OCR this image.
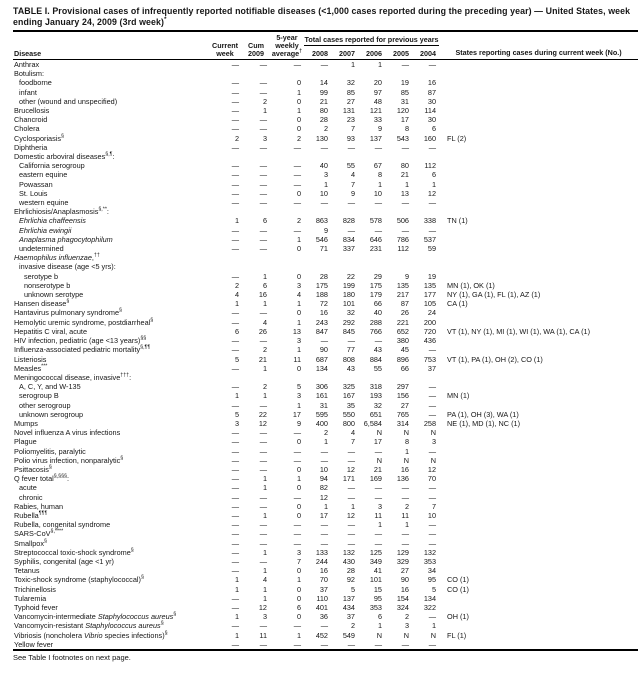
TABLE I. Provisional cases of infrequently reported notifiable diseases (<1,000 cases reported during the preceding year) — United States, week ending January 24, 2009 (3rd week)*
Disease	Current week	Cum 2009	5-year weekly average†	Total cases reported for previous years					States reporting cases during current week (No.)
				2008	2007	2006	2005	2004	
Anthrax	—	—	—	—	1	1	—	—	
Botulism:									
foodborne	—	—	0	14	32	20	19	16	
infant	—	—	1	99	85	97	85	87	
other (wound and unspecified)	—	2	0	21	27	48	31	30	
Brucellosis	—	1	1	80	131	121	120	114	
Chancroid	—	—	0	28	23	33	17	30	
Cholera	—	—	0	2	7	9	8	6	
Cyclosporiasis§	2	3	2	130	93	137	543	160	FL (2)
Diphtheria	—	—	—	—	—	—	—	—	
Domestic arboviral diseases§,¶:									
California serogroup	—	—	—	40	55	67	80	112	
eastern equine	—	—	—	3	4	8	21	6	
Powassan	—	—	—	1	7	1	1	1	
St. Louis	—	—	0	10	9	10	13	12	
western equine	—	—	—	—	—	—	—	—	
Ehrlichiosis/Anaplasmosis§,**:									
Ehrlichia chaffeensis	1	6	2	863	828	578	506	338	TN (1)
Ehrlichia ewingii	—	—	—	9	—	—	—	—	
Anaplasma phagocytophilum	—	—	1	546	834	646	786	537	
undetermined	—	—	0	71	337	231	112	59	
Haemophilus influenzae,††									
invasive disease (age <5 yrs):									
serotype b	—	1	0	28	22	29	9	19	
nonserotype b	2	6	3	175	199	175	135	135	MN (1), OK (1)
unknown serotype	4	16	4	188	180	179	217	177	NY (1), GA (1), FL (1), AZ (1)
Hansen disease§	1	1	1	72	101	66	87	105	CA (1)
Hantavirus pulmonary syndrome§	—	—	0	16	32	40	26	24	
Hemolytic uremic syndrome, postdiarrheal§	—	4	1	243	292	288	221	200	
Hepatitis C viral, acute	6	26	13	847	845	766	652	720	VT (1), NY (1), MI (1), WI (1), WA (1), CA (1)
HIV infection, pediatric (age <13 years)§§	—	—	3	—	—	—	380	436	
Influenza-associated pediatric mortality§,¶¶	—	2	1	90	77	43	45	—	
Listeriosis	5	21	11	687	808	884	896	753	VT (1), PA (1), OH (2), CO (1)
Measles***	—	1	0	134	43	55	66	37	
Meningococcal disease, invasive†††:									
A, C, Y, and W-135	—	2	5	306	325	318	297	—	
serogroup B	1	1	3	161	167	193	156	—	MN (1)
other serogroup	—	—	1	31	35	32	27	—	
unknown serogroup	5	22	17	595	550	651	765	—	PA (1), OH (3), WA (1)
Mumps	3	12	9	400	800	6,584	314	258	NE (1), MD (1), NC (1)
Novel influenza A virus infections	—	—	—	2	4	N	N	N	
Plague	—	—	0	1	7	17	8	3	
Poliomyelitis, paralytic	—	—	—	—	—	—	1	—	
Polio virus infection, nonparalytic§	—	—	—	—	—	N	N	N	
Psittacosis§	—	—	0	10	12	21	16	12	
Q fever total§,§§§:	—	1	1	94	171	169	136	70	
acute	—	1	0	82	—	—	—	—	
chronic	—	—	—	12	—	—	—	—	
Rabies, human	—	—	0	1	1	3	2	7	
Rubella¶¶¶	—	1	0	17	12	11	11	10	
Rubella, congenital syndrome	—	—	—	—	—	1	1	—	
SARS-CoV§,****	—	—	—	—	—	—	—	—	
Smallpox§	—	—	—	—	—	—	—	—	
Streptococcal toxic-shock syndrome§	—	1	3	133	132	125	129	132	
Syphilis, congenital (age <1 yr)	—	—	7	244	430	349	329	353	
Tetanus	—	1	0	16	28	41	27	34	
Toxic-shock syndrome (staphylococcal)§	1	4	1	70	92	101	90	95	CO (1)
Trichinellosis	1	1	0	37	5	15	16	5	CO (1)
Tularemia	—	1	0	110	137	95	154	134	
Typhoid fever	—	12	6	401	434	353	324	322	
Vancomycin-intermediate Staphylococcus aureus§	1	3	0	36	37	6	2	—	OH (1)
Vancomycin-resistant Staphylococcus aureus§	—	—	—	—	2	1	3	1	
Vibriosis (noncholera Vibrio species infections)§	1	11	1	452	549	N	N	N	FL (1)
Yellow fever	—	—	—	—	—	—	—	—	
See Table I footnotes on next page.
